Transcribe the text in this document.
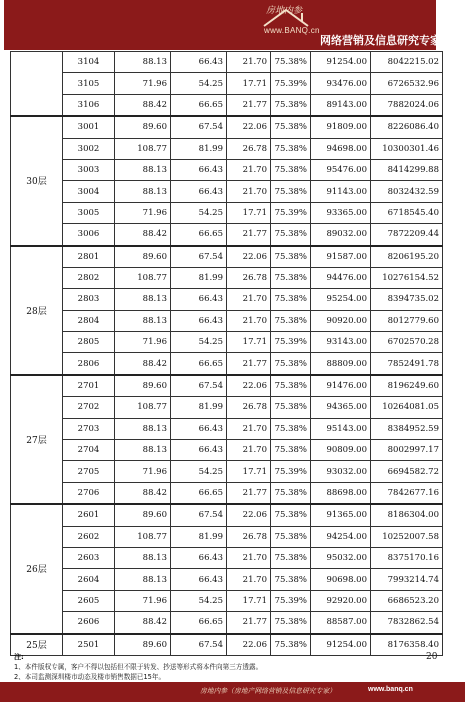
房地内参
www.BANQ.cn
网络营销及信息研究专家
	3104	88.13	66.43	21.70	75.38%	91254.00	8042215.02
	3105	71.96	54.25	17.71	75.39%	93476.00	6726532.96
	3106	88.42	66.65	21.77	75.38%	89143.00	7882024.06
30层	3001	89.60	67.54	22.06	75.38%	91809.00	8226086.40
	3002	108.77	81.99	26.78	75.38%	94698.00	10300301.46
	3003	88.13	66.43	21.70	75.38%	95476.00	8414299.88
	3004	88.13	66.43	21.70	75.38%	91143.00	8032432.59
	3005	71.96	54.25	17.71	75.39%	93365.00	6718545.40
	3006	88.42	66.65	21.77	75.38%	89032.00	7872209.44
28层	2801	89.60	67.54	22.06	75.38%	91587.00	8206195.20
	2802	108.77	81.99	26.78	75.38%	94476.00	10276154.52
	2803	88.13	66.43	21.70	75.38%	95254.00	8394735.02
	2804	88.13	66.43	21.70	75.38%	90920.00	8012779.60
	2805	71.96	54.25	17.71	75.39%	93143.00	6702570.28
	2806	88.42	66.65	21.77	75.38%	88809.00	7852491.78
27层	2701	89.60	67.54	22.06	75.38%	91476.00	8196249.60
	2702	108.77	81.99	26.78	75.38%	94365.00	10264081.05
	2703	88.13	66.43	21.70	75.38%	95143.00	8384952.59
	2704	88.13	66.43	21.70	75.38%	90809.00	8002997.17
	2705	71.96	54.25	17.71	75.39%	93032.00	6694582.72
	2706	88.42	66.65	21.77	75.38%	88698.00	7842677.16
26层	2601	89.60	67.54	22.06	75.38%	91365.00	8186304.00
	2602	108.77	81.99	26.78	75.38%	94254.00	10252007.58
	2603	88.13	66.43	21.70	75.38%	95032.00	8375170.16
	2604	88.13	66.43	21.70	75.38%	90698.00	7993214.74
	2605	71.96	54.25	17.71	75.39%	92920.00	6686523.20
	2606	88.42	66.65	21.77	75.38%	88587.00	7832862.54
25层	2501	89.60	67.54	22.06	75.38%	91254.00	8176358.40
20
注:
1、本件版权专属，客户不得以包括但不限于转发、抄送等形式将本件向第三方透露。
2、本司监测深圳楼市动态及楼市销售数据已15年。
房地内参（房地产网络营销及信息研究专家）	www.banq.cn
